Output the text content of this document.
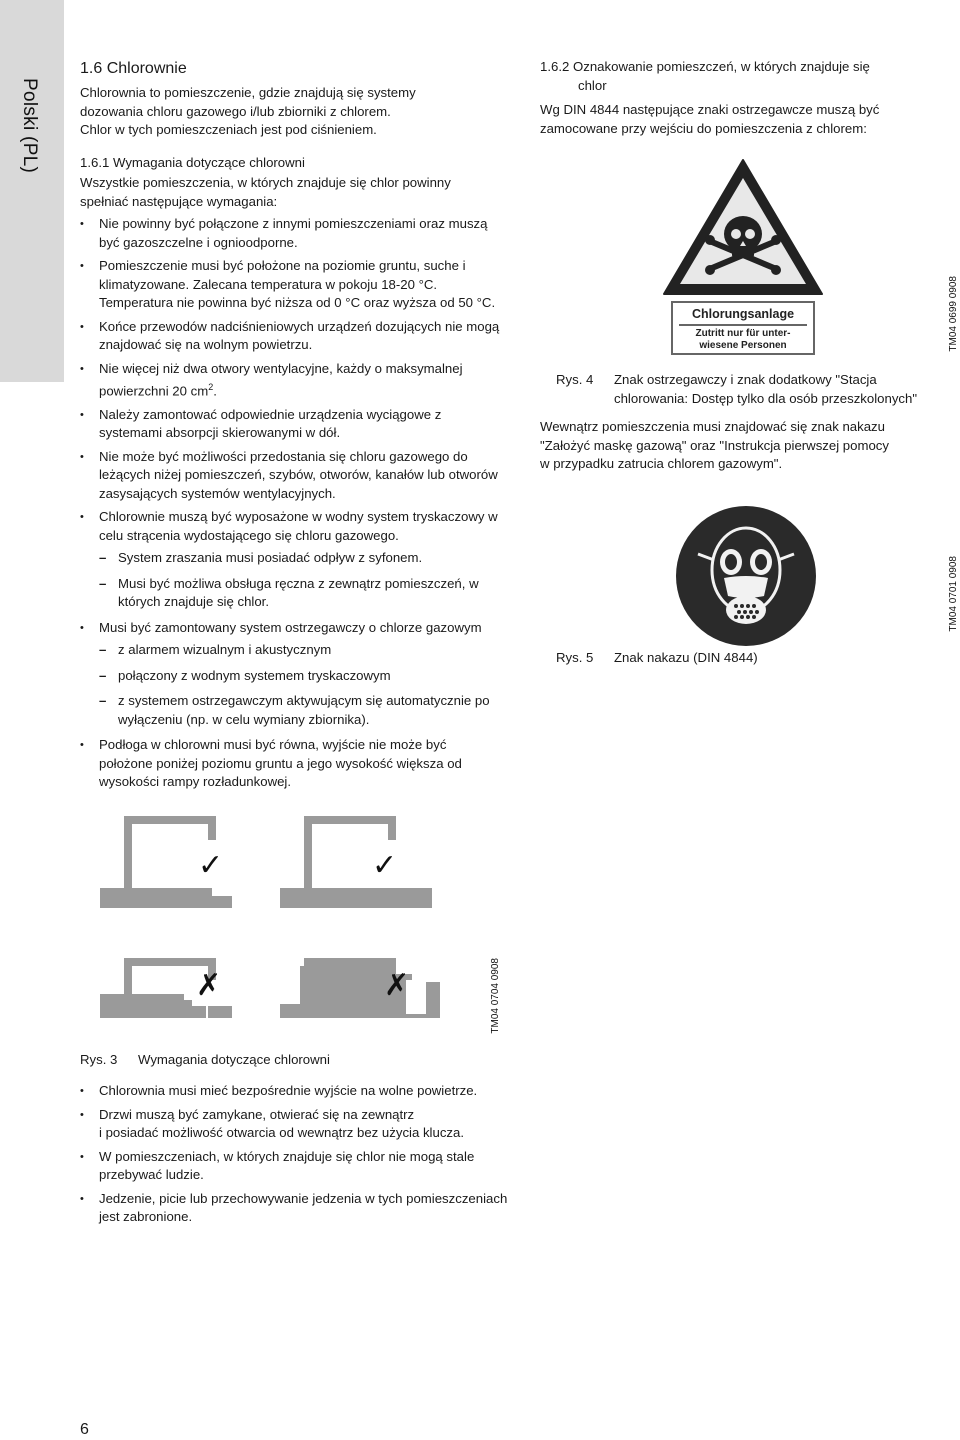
Polski (PL)
1.6 Chlorownie

Chlorownia to pomieszczenie, gdzie znajdują się systemy
dozowania chloru gazowego i/lub zbiorniki z chlorem.
Chlor w tych pomieszczeniach jest pod ciśnieniem.

1.6.1 Wymagania dotyczące chlorowni

Wszystkie pomieszczenia, w których znajduje się chlor powinny
spełniać następujące wymagania:

• Nie powinny być połączone z innymi pomieszczeniami oraz muszą być gazoszczelne i ognioodporne.
• Pomieszczenie musi być położone na poziomie gruntu, suche i klimatyzowane. Zalecana temperatura w pokoju 18-20 °C. Temperatura nie powinna być niższa od 0 °C oraz wyższa od 50 °C.
• Końce przewodów nadciśnieniowych urządzeń dozujących nie mogą znajdować się na wolnym powietrzu.
• Nie więcej niż dwa otwory wentylacyjne, każdy o maksymalnej powierzchni 20 $cm^2$.
• Należy zamontować odpowiednie urządzenia wyciągowe z systemami absorpcji skierowanymi w dół.
• Nie może być możliwości przedostania się chloru gazowego do leżących niżej pomieszczeń, szybów, otworów, kanałów lub otworów zasysających systemów wentylacyjnych.
• Chlorownie muszą być wyposażone w wodny system tryskaczowy w celu strącenia wydostającego się chloru gazowego.
– System zraszania musi posiadać odpływ z syfonem.
– Musi być możliwa obsługa ręczna z zewnątrz pomieszczeń, w których znajduje się chlor.
• Musi być zamontowany system ostrzegawczy o chlorze gazowym
– z alarmem wizualnym i akustycznym
– połączony z wodnym systemem tryskaczowym
– z systemem ostrzegawczym aktywującym się automatycznie po wyłączeniu (np. w celu wymiany zbiornika).
• Podłoga w chlorowni musi być równa, wyjście nie może być położone poniżej poziomu gruntu a jego wysokość większa od wysokości rampy rozładunkowej.
✓	✓
✗	✗	TM04 0704 0908
Rys. 3 Wymagania dotyczące chlorowni
• Chlorownia musi mieć bezpośrednie wyjście na wolne powietrze.
• Drzwi muszą być zamykane, otwierać się na zewnątrz
i posiadać możliwość otwarcia od wewnątrz bez użycia klucza.
• W pomieszczeniach, w których znajduje się chlor nie mogą stale przebywać ludzie.
• Jedzenie, picie lub przechowywanie jedzenia w tych pomieszczeniach jest zabronione.
1.6.2 Oznakowanie pomieszczeń, w których znajduje się
chlor

Wg DIN 4844 następujące znaki ostrzegawcze muszą być
zamocowane przy wejściu do pomieszczenia z chlorem:

Chlorungsanlage
Zutritt nur für unter-
wiesene Personen	TM04 0699 0908
Rys. 4 Znak ostrzegawczy i znak dodatkowy "Stacja
chlorowania: Dostęp tylko dla osób przeszkolonych"

Wewnątrz pomieszczenia musi znajdować się znak nakazu
"Założyć maskę gazową" oraz "Instrukcja pierwszej pomocy
w przypadku zatrucia chlorem gazowym".

TM04 0701 0908
Rys. 5 Znak nakazu (DIN 4844)
6
